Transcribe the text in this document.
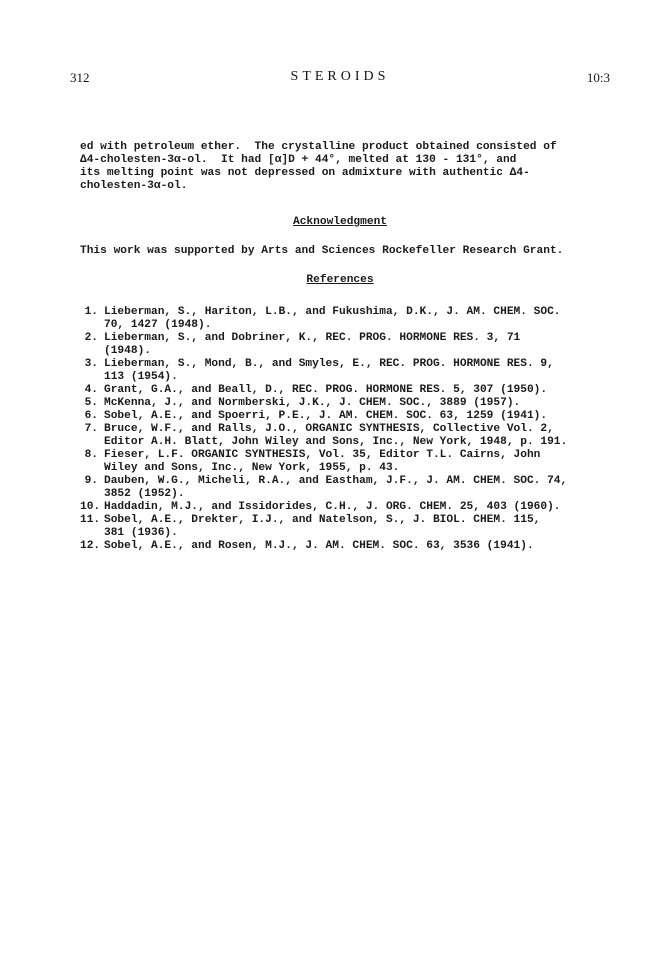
312	STEROIDS	10:3
ed with petroleum ether.  The crystalline product obtained consisted of
Δ4-cholesten-3α-ol.  It had [α]D + 44°, melted at 130 - 131°, and
its melting point was not depressed on admixture with authentic Δ4-
cholesten-3α-ol.
Acknowledgment
This work was supported by Arts and Sciences Rockefeller Research Grant.
References
1. Lieberman, S., Hariton, L.B., and Fukushima, D.K., J. AM. CHEM. SOC.
70, 1427 (1948).
2. Lieberman, S., and Dobriner, K., REC. PROG. HORMONE RES. 3, 71
(1948).
3. Lieberman, S., Mond, B., and Smyles, E., REC. PROG. HORMONE RES. 9,
113 (1954).
4. Grant, G.A., and Beall, D., REC. PROG. HORMONE RES. 5, 307 (1950).
5. McKenna, J., and Normberski, J.K., J. CHEM. SOC., 3889 (1957).
6. Sobel, A.E., and Spoerri, P.E., J. AM. CHEM. SOC. 63, 1259 (1941).
7. Bruce, W.F., and Ralls, J.O., ORGANIC SYNTHESIS, Collective Vol. 2,
Editor A.H. Blatt, John Wiley and Sons, Inc., New York, 1948, p. 191.
8. Fieser, L.F. ORGANIC SYNTHESIS, Vol. 35, Editor T.L. Cairns, John
Wiley and Sons, Inc., New York, 1955, p. 43.
9. Dauben, W.G., Micheli, R.A., and Eastham, J.F., J. AM. CHEM. SOC. 74,
3852 (1952).
10. Haddadin, M.J., and Issidorides, C.H., J. ORG. CHEM. 25, 403 (1960).
11. Sobel, A.E., Drekter, I.J., and Natelson, S., J. BIOL. CHEM. 115,
381 (1936).
12. Sobel, A.E., and Rosen, M.J., J. AM. CHEM. SOC. 63, 3536 (1941).
